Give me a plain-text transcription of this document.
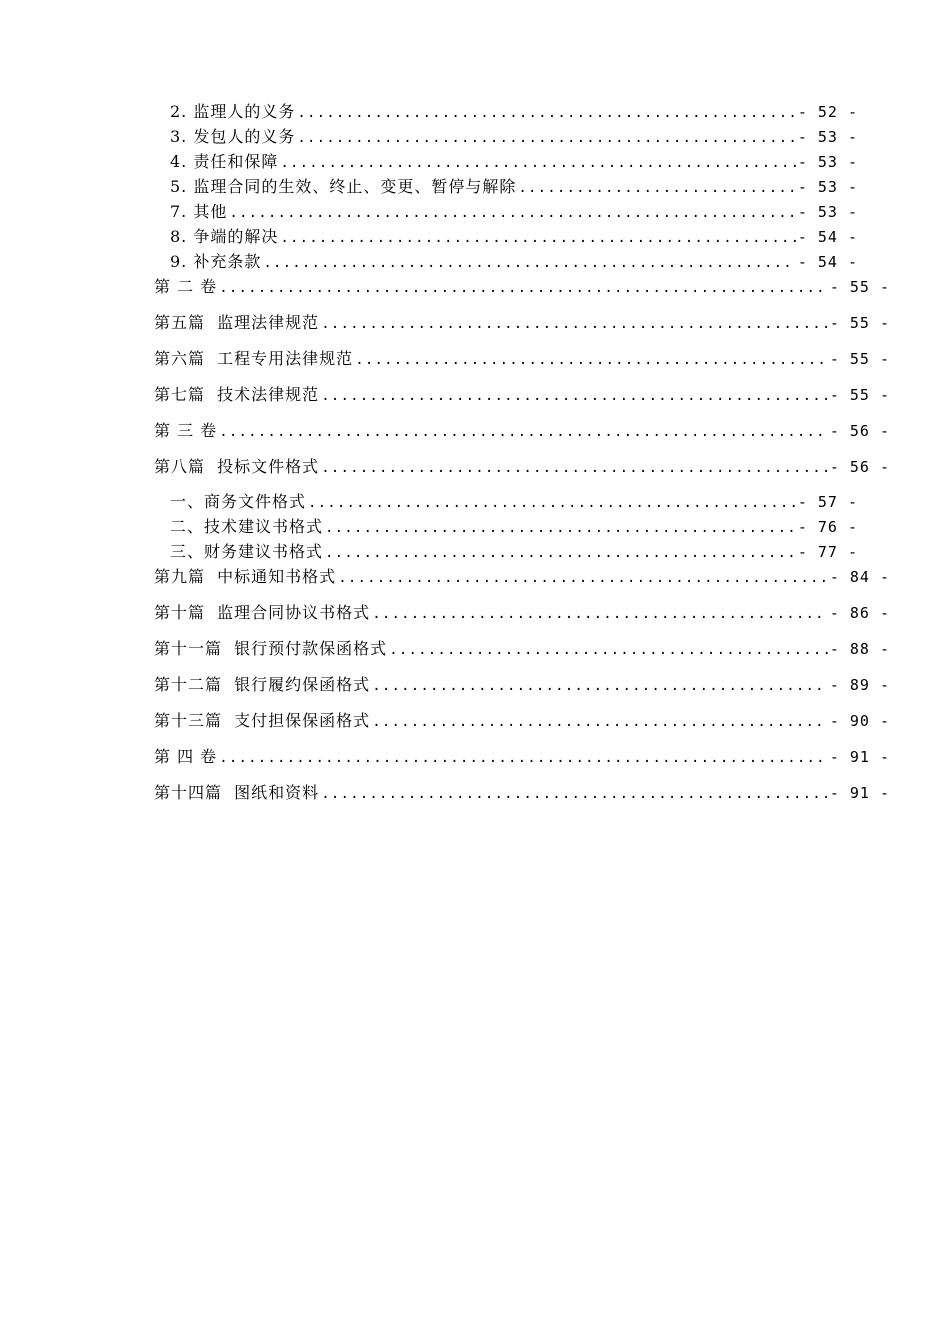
2. 监理人的义务 .....	- 52 -
3. 发包人的义务 .....	- 53 -
4. 责任和保障 .....	- 53 -
5. 监理合同的生效、终止、变更、暂停与解除 .....	- 53 -
7. 其他 .....	- 53 -
8. 争端的解决 .....	- 54 -
9. 补充条款 .....	- 54 -
第 二 卷 .....	- 55 -
第五篇  监理法律规范 .....	- 55 -
第六篇  工程专用法律规范 .....	- 55 -
第七篇  技术法律规范 .....	- 55 -
第 三 卷 .....	- 56 -
第八篇  投标文件格式 .....	- 56 -
一、商务文件格式 .....	- 57 -
二、技术建议书格式 .....	- 76 -
三、财务建议书格式 .....	- 77 -
第九篇  中标通知书格式 .....	- 84 -
第十篇  监理合同协议书格式 .....	- 86 -
第十一篇  银行预付款保函格式 .....	- 88 -
第十二篇  银行履约保函格式 .....	- 89 -
第十三篇  支付担保保函格式 .....	- 90 -
第 四 卷 .....	- 91 -
第十四篇  图纸和资料 .....	- 91 -
